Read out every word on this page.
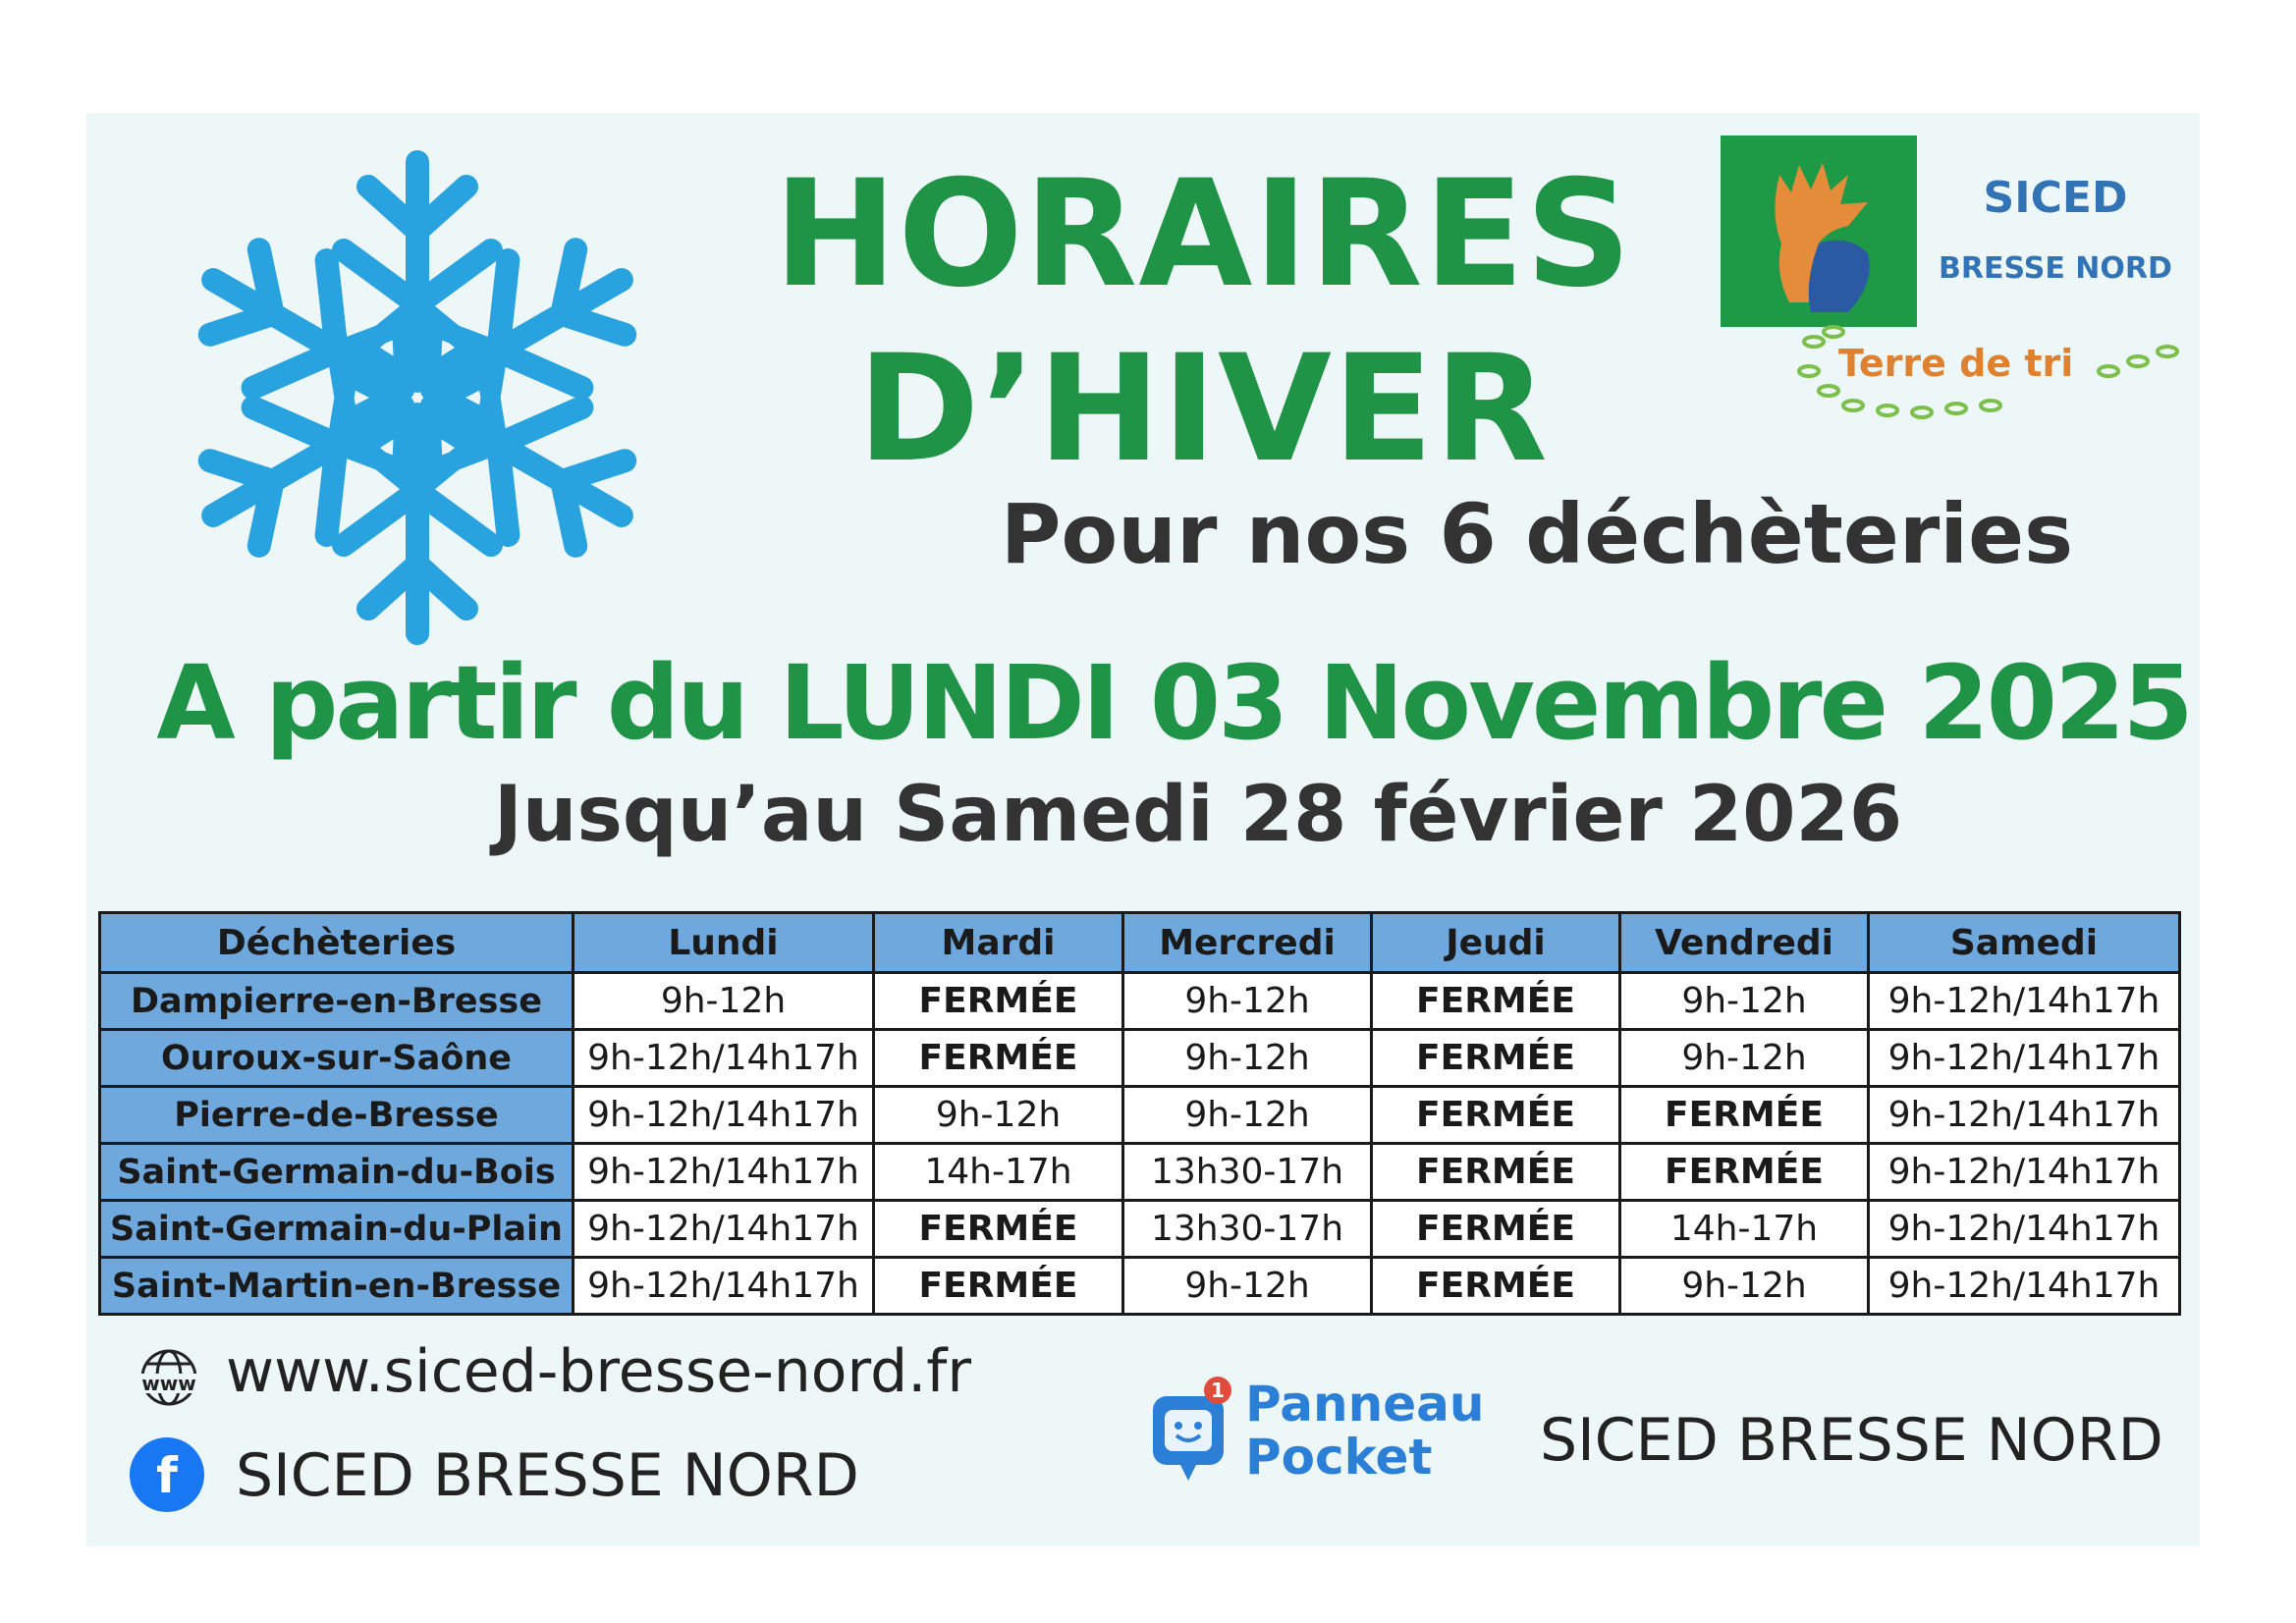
HORAIRES
D’HIVER
Pour nos 6 déchèteries
A partir du LUNDI 03 Novembre 2025
Jusqu’au Samedi 28 février 2026
SICED
BRESSE NORD
Terre de tri
Déchèteries	Lundi	Mardi	Mercredi	Jeudi	Vendredi	Samedi
Dampierre-en-Bresse	9h-12h	FERMÉE	9h-12h	FERMÉE	9h-12h	9h-12h/14h17h
Ouroux-sur-Saône	9h-12h/14h17h	FERMÉE	9h-12h	FERMÉE	9h-12h	9h-12h/14h17h
Pierre-de-Bresse	9h-12h/14h17h	9h-12h	9h-12h	FERMÉE	FERMÉE	9h-12h/14h17h
Saint-Germain-du-Bois	9h-12h/14h17h	14h-17h	13h30-17h	FERMÉE	FERMÉE	9h-12h/14h17h
Saint-Germain-du-Plain	9h-12h/14h17h	FERMÉE	13h30-17h	FERMÉE	14h-17h	9h-12h/14h17h
Saint-Martin-en-Bresse	9h-12h/14h17h	FERMÉE	9h-12h	FERMÉE	9h-12h	9h-12h/14h17h
www www.siced-bresse-nord.fr
f SICED BRESSE NORD
1 Panneau
Pocket	SICED BRESSE NORD
